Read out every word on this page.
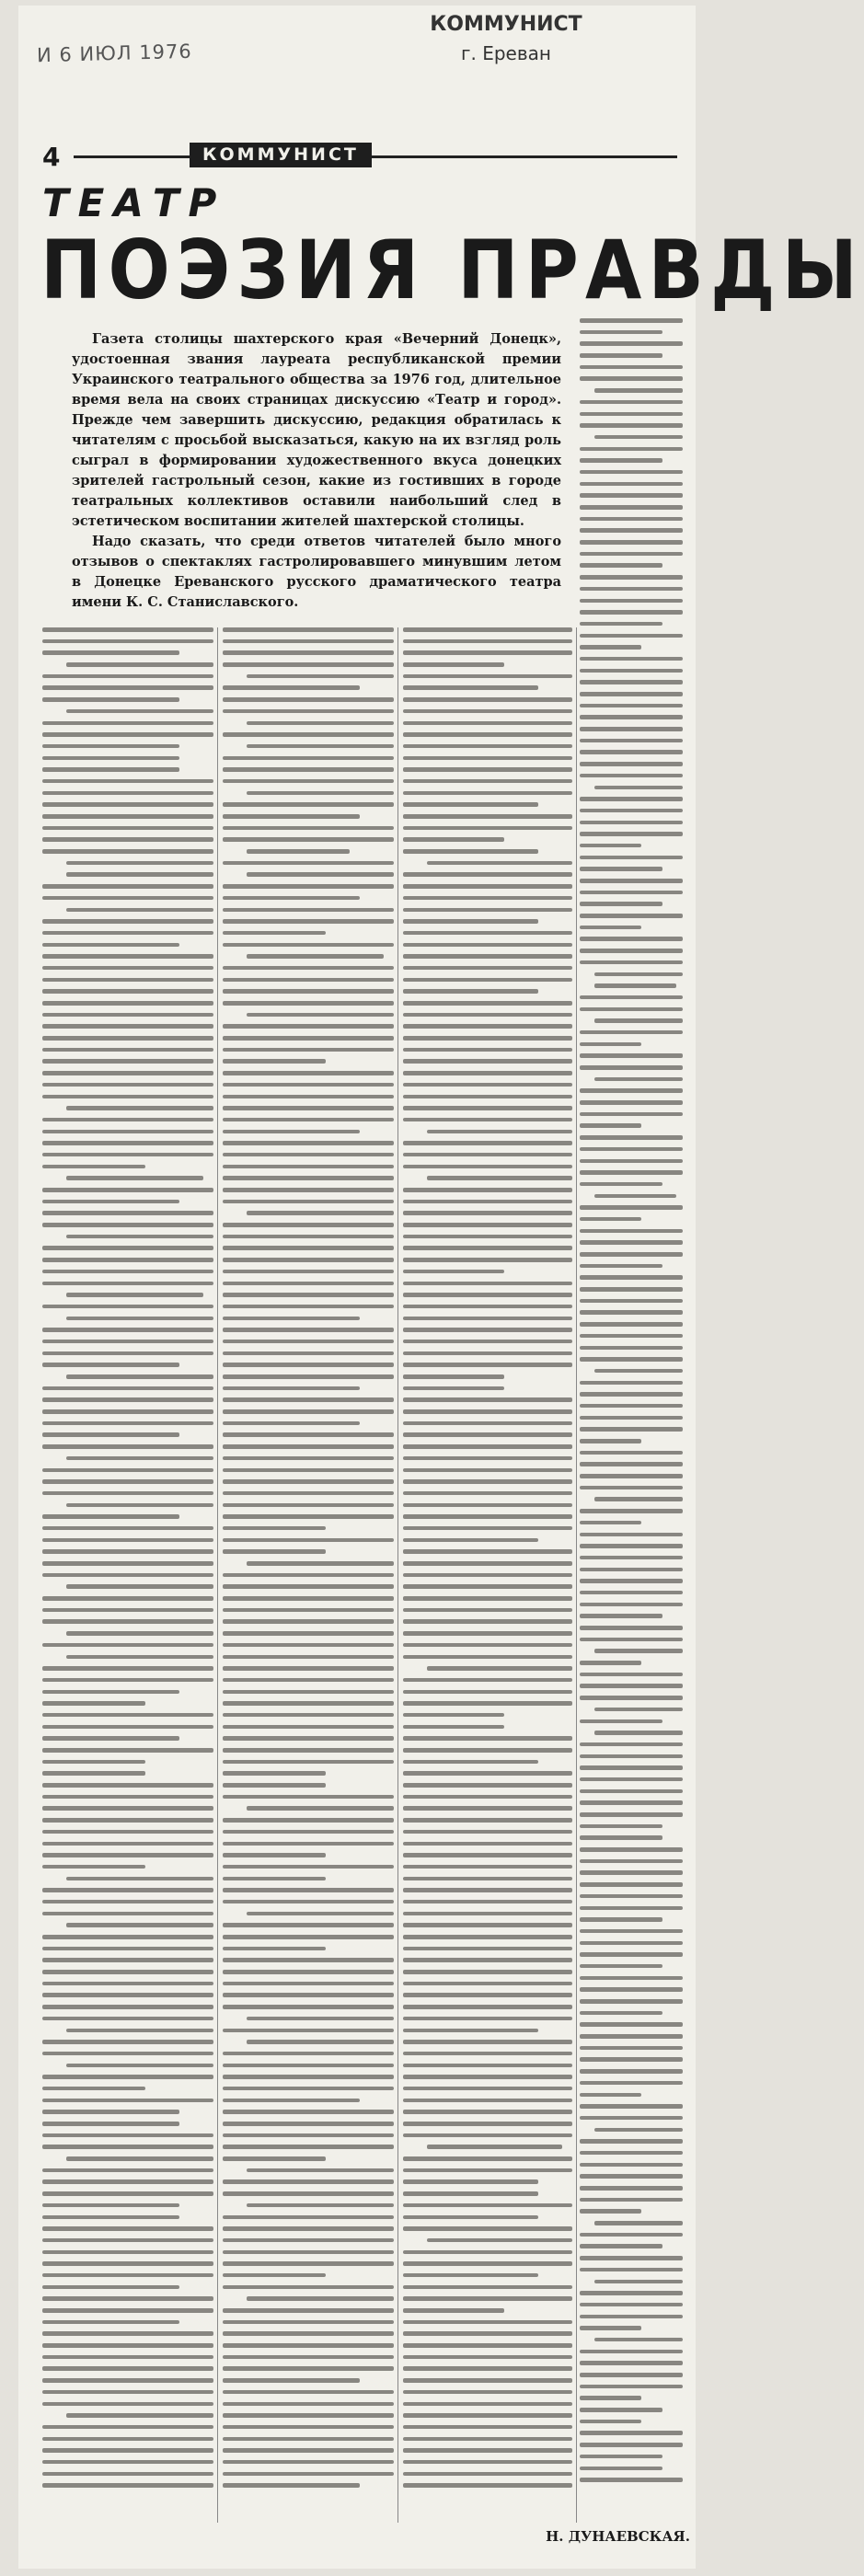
И 6 ИЮЛ 1976
КОММУНИСТ
г. Ереван
4	КОММУНИСТ
ТЕАТР
ПОЭЗИЯ ПРАВДЫ

Газета столицы шахтерского края «Вечерний Донецк», удостоенная звания лауреата республиканской премии Украинского театрального общества за 1976 год, длительное время вела на своих страницах дискуссию «Театр и город». Прежде чем завершить дискуссию, редакция обратилась к читателям с просьбой высказаться, какую на их взгляд роль сыграл в формировании художественного вкуса донецких зрителей гастрольный сезон, какие из гостивших в городе театральных коллективов оставили наибольший след в эстетическом воспитании жителей шахтерской столицы.

Надо сказать, что среди ответов читателей было много отзывов о спектаклях гастролировавшего минувшим летом в Донецке Ереванского русского драматического театра имени К. С. Станиславского.

Н. ДУНАЕВСКАЯ.
